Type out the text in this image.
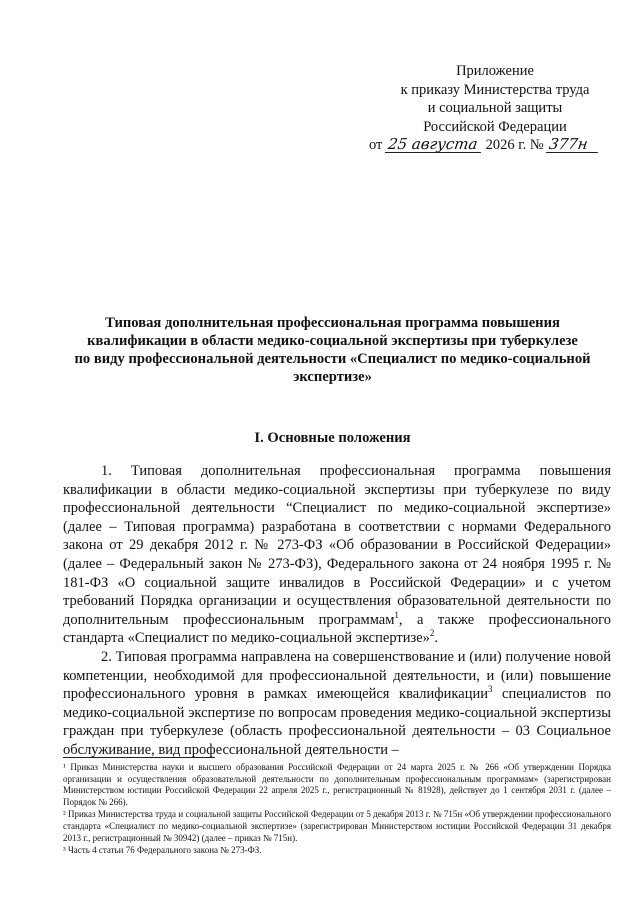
Приложение
к приказу Министерства труда
и социальной защиты
Российской Федерации
от 25 августа 2026 г. № 377н
Типовая дополнительная профессиональная программа повышения
квалификации в области медико-социальной экспертизы при туберкулезе
по виду профессиональной деятельности «Специалист по медико-социальной
экспертизе»
I. Основные положения

1. Типовая дополнительная профессиональная программа повышения квалификации в области медико-социальной экспертизы при туберкулезе по виду профессиональной деятельности “Специалист по медико-социальной экспертизе» (далее – Типовая программа) разработана в соответствии с нормами Федерального закона от 29 декабря 2012 г. № 273-ФЗ «Об образовании в Российской Федерации» (далее – Федеральный закон № 273-ФЗ), Федерального закона от 24 ноября 1995 г. № 181-ФЗ «О социальной защите инвалидов в Российской Федерации» и с учетом требований Порядка организации и осуществления образовательной деятельности по дополнительным профессиональным программам$^1$, а также профессионального стандарта «Специалист по медико-социальной экспертизе»$^2$.

2. Типовая программа направлена на совершенствование и (или) получение новой компетенции, необходимой для профессиональной деятельности, и (или) повышение профессионального уровня в рамках имеющейся квалификации$^3$ специалистов по медико-социальной экспертизе по вопросам проведения медико-социальной экспертизы граждан при туберкулезе (область профессиональной деятельности – 03 Социальное обслуживание, вид профессиональной деятельности –

¹ Приказ Министерства науки и высшего образования Российской Федерации от 24 марта 2025 г. № 266 «Об утверждении Порядка организации и осуществления образовательной деятельности по дополнительным профессиональным программам» (зарегистрирован Министерством юстиции Российской Федерации 22 апреля 2025 г., регистрационный № 81928), действует до 1 сентября 2031 г. (далее – Порядок № 266).

² Приказ Министерства труда и социальной защиты Российской Федерации от 5 декабря 2013 г. № 715н «Об утверждении профессионального стандарта «Специалист по медико-социальной экспертизе» (зарегистрирован Министерством юстиции Российской Федерации 31 декабря 2013 г., регистрационный № 30942) (далее – приказ № 715н).

³ Часть 4 статьи 76 Федерального закона № 273-ФЗ.
